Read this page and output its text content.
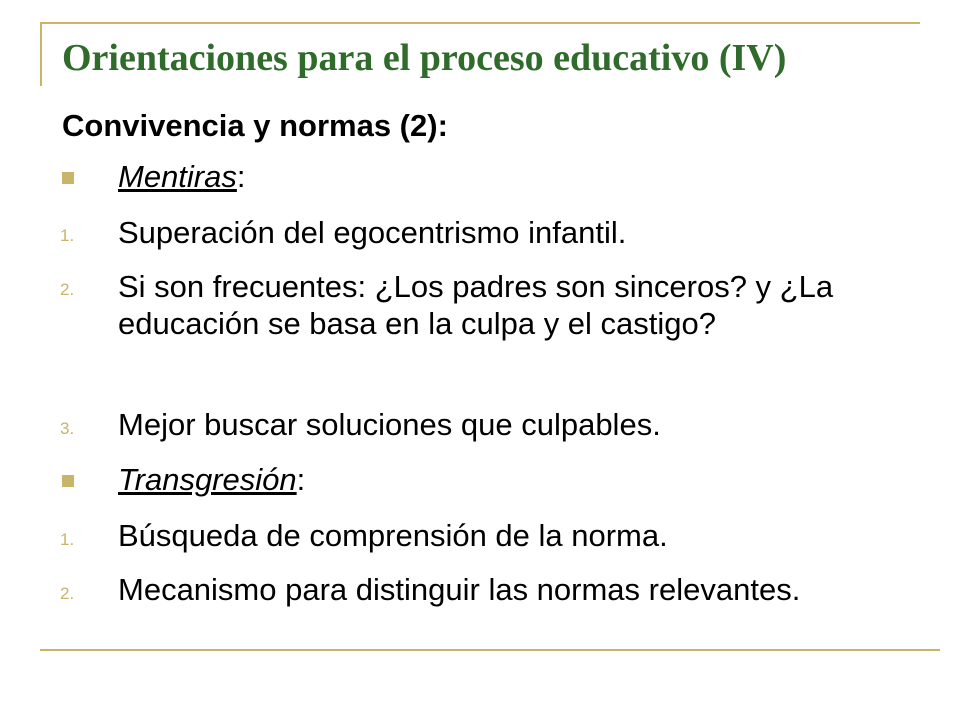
Orientaciones para el proceso educativo (IV)
Convivencia y normas (2):
Mentiras:
1. Superación del egocentrismo infantil.
2. Si son frecuentes: ¿Los padres son sinceros? y ¿La educación se basa en la culpa y el castigo?
3. Mejor buscar soluciones que culpables.
Transgresión:
1. Búsqueda de comprensión de la norma.
2. Mecanismo para distinguir las normas relevantes.
